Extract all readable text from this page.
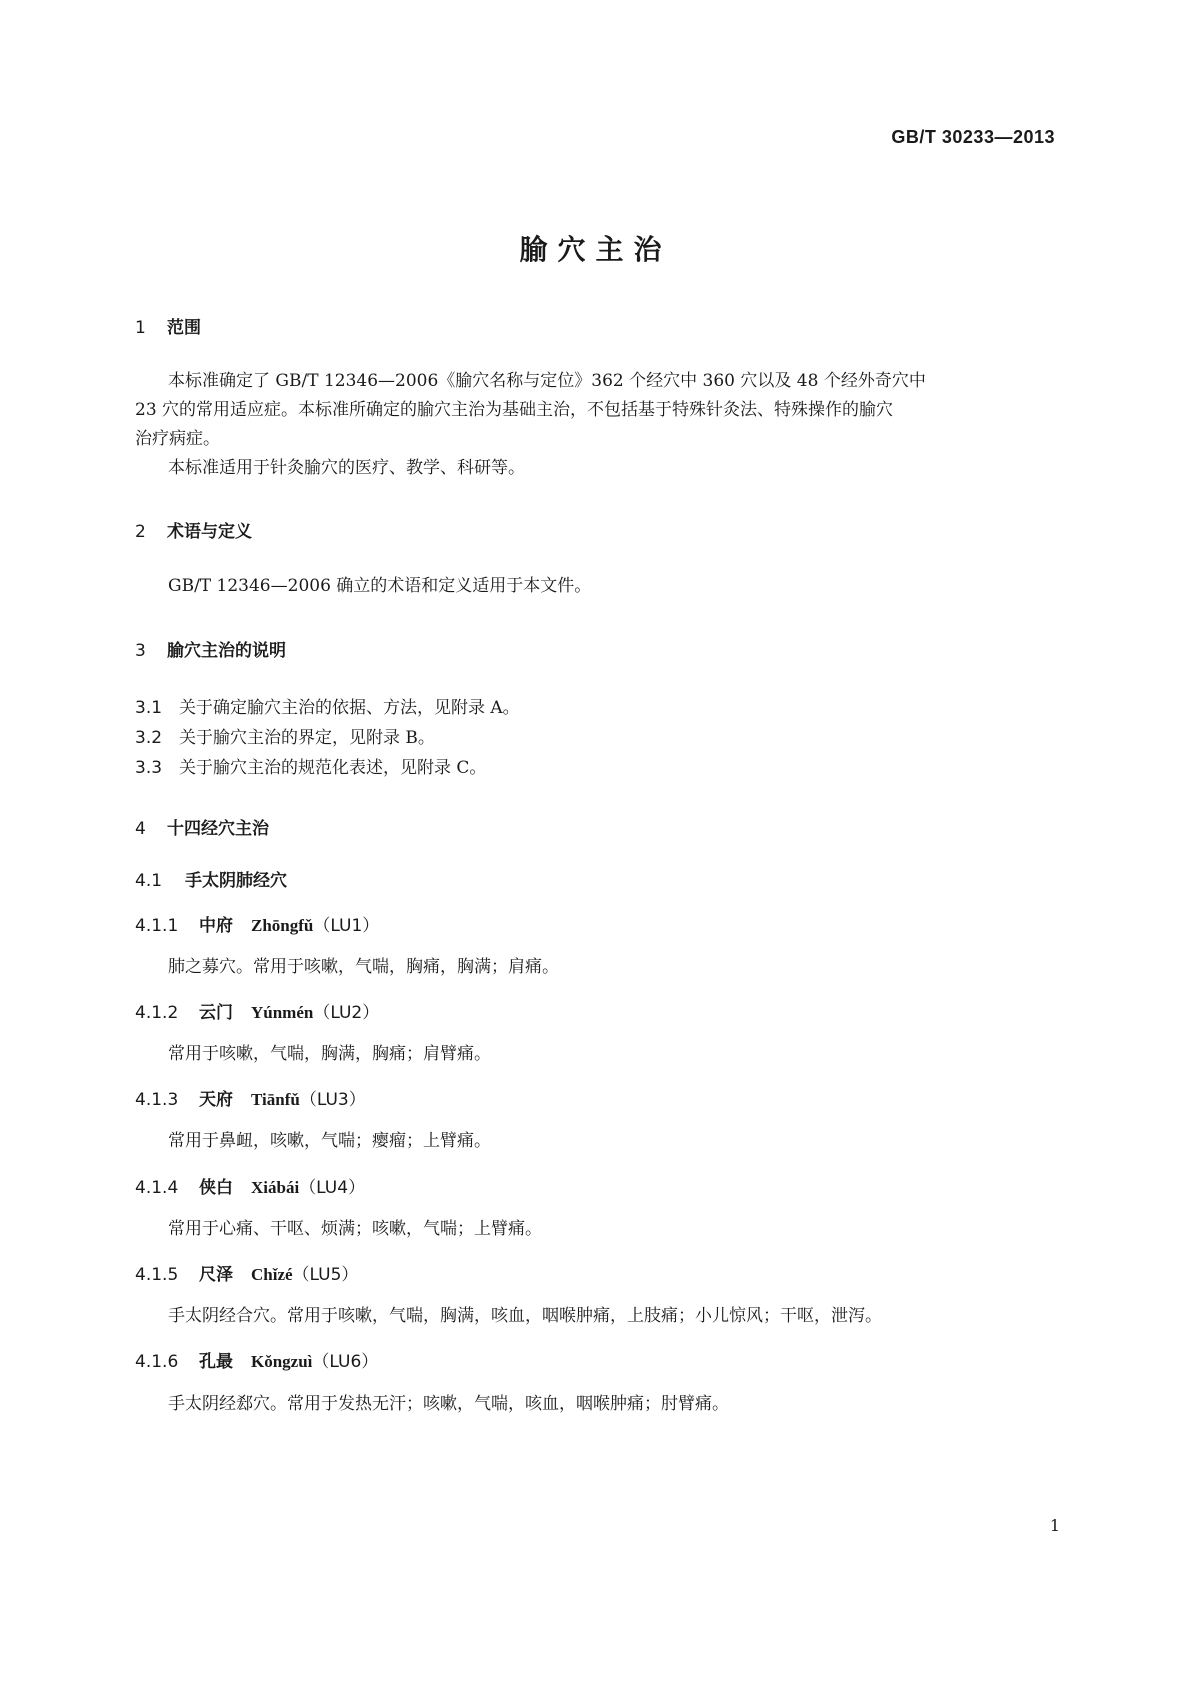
GB/T 30233—2013
腧穴主治
1 范围
本标准确定了 GB/T 12346—2006《腧穴名称与定位》362 个经穴中 360 穴以及 48 个经外奇穴中
23 穴的常用适应症。本标准所确定的腧穴主治为基础主治，不包括基于特殊针灸法、特殊操作的腧穴
治疗病症。
本标准适用于针灸腧穴的医疗、教学、科研等。
2 术语与定义
GB/T 12346—2006 确立的术语和定义适用于本文件。
3 腧穴主治的说明
3.1 关于确定腧穴主治的依据、方法，见附录 A。
3.2 关于腧穴主治的界定，见附录 B。
3.3 关于腧穴主治的规范化表述，见附录 C。
4 十四经穴主治
4.1 手太阴肺经穴
4.1.1 中府 Zhōngfǔ（LU1）
肺之募穴。常用于咳嗽，气喘，胸痛，胸满；肩痛。
4.1.2 云门 Yúnmén（LU2）
常用于咳嗽，气喘，胸满，胸痛；肩臂痛。
4.1.3 天府 Tiānfǔ（LU3）
常用于鼻衄，咳嗽，气喘；瘿瘤；上臂痛。
4.1.4 侠白 Xiábái（LU4）
常用于心痛、干呕、烦满；咳嗽，气喘；上臂痛。
4.1.5 尺泽 Chǐzé（LU5）
手太阴经合穴。常用于咳嗽，气喘，胸满，咳血，咽喉肿痛，上肢痛；小儿惊风；干呕，泄泻。
4.1.6 孔最 Kǒngzuì（LU6）
手太阴经郄穴。常用于发热无汗；咳嗽，气喘，咳血，咽喉肿痛；肘臂痛。
1
